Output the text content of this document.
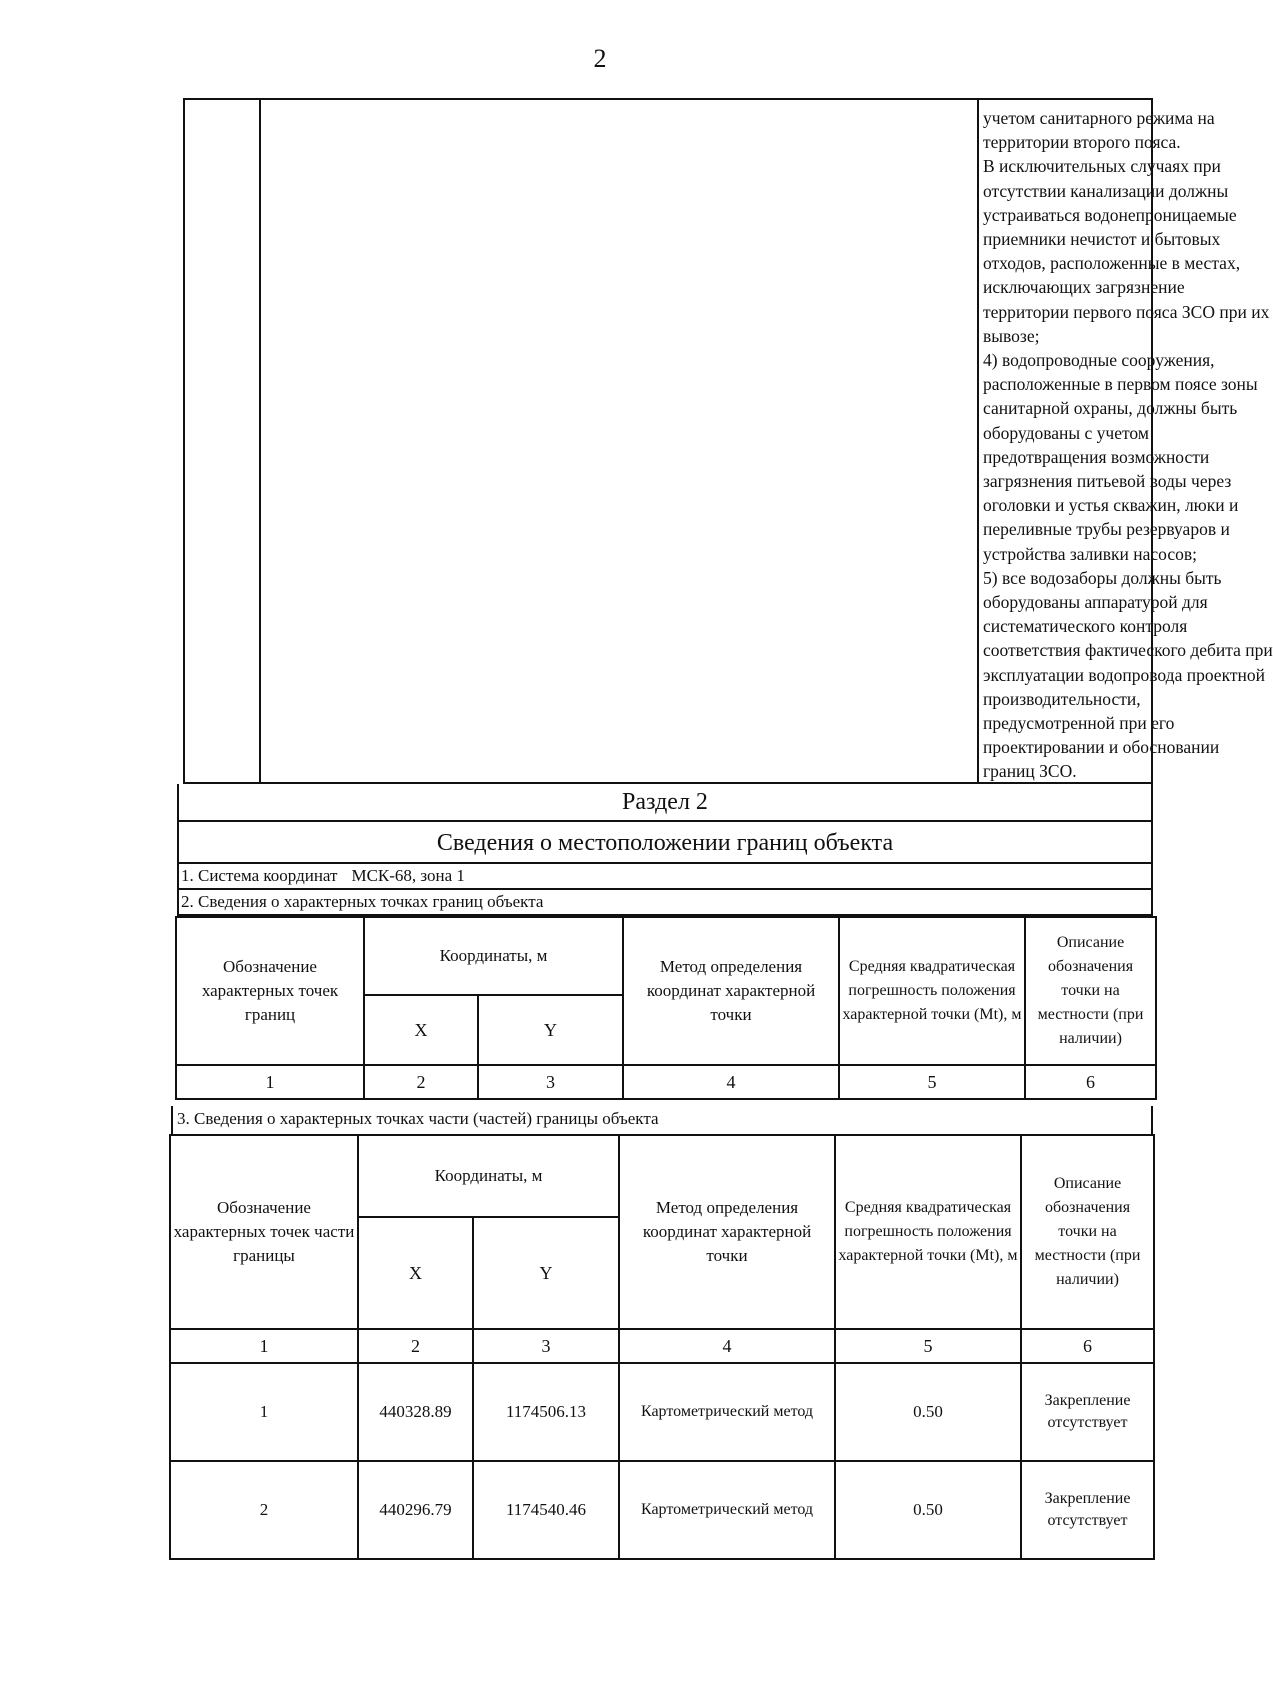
2
учетом санитарного режима на
территории второго пояса.
В исключительных случаях при
отсутствии канализации должны
устраиваться водонепроницаемые
приемники нечистот и бытовых
отходов, расположенные в местах,
исключающих загрязнение
территории первого пояса ЗСО при их
вывозе;
4) водопроводные сооружения,
расположенные в первом поясе зоны
санитарной охраны, должны быть
оборудованы с учетом
предотвращения возможности
загрязнения питьевой воды через
оголовки и устья скважин, люки и
переливные трубы резервуаров и
устройства заливки насосов;
5) все водозаборы должны быть
оборудованы аппаратурой для
систематического контроля
соответствия фактического дебита при
эксплуатации водопровода проектной
производительности,
предусмотренной при его
проектировании и обосновании
границ ЗСО.
Раздел 2
Сведения о местоположении границ объекта
1. Система координат МСК-68, зона 1
2. Сведения о характерных точках границ объекта
Обозначение характерных точек границ	Координаты, м		Метод определения координат характерной точки	Средняя квадратическая погрешность положения характерной точки (Mt), м	Описание обозначения точки на местности (при наличии)
	X	Y			
1	2	3	4	5	6
3. Сведения о характерных точках части (частей) границы объекта
Обозначение характерных точек части границы	Координаты, м		Метод определения координат характерной точки	Средняя квадратическая погрешность положения характерной точки (Mt), м	Описание обозначения точки на местности (при наличии)
	X	Y			
1	2	3	4	5	6
1	440328.89	1174506.13	Картометрический метод	0.50	Закрепление отсутствует
2	440296.79	1174540.46	Картометрический метод	0.50	Закрепление отсутствует
